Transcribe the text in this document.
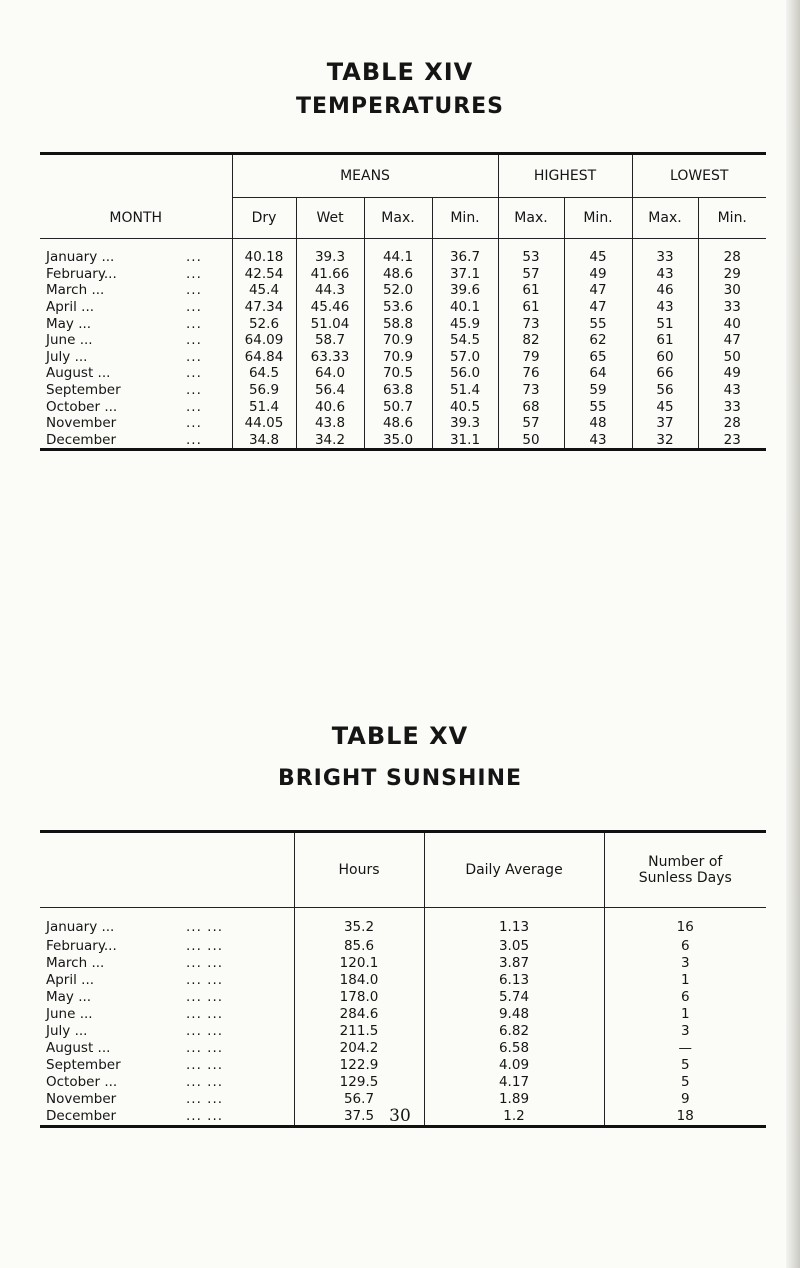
TABLE XIV
TEMPERATURES
	MEANS				HIGHEST		LOWEST	
MONTH	Dry	Wet	Max.	Min.	Max.	Min.	Max.	Min.
January ... ...	40.18	39.3	44.1	36.7	53	45	33	28
February... ...	42.54	41.66	48.6	37.1	57	49	43	29
March ... ...	45.4	44.3	52.0	39.6	61	47	46	30
April ... ...	47.34	45.46	53.6	40.1	61	47	43	33
May ... ...	52.6	51.04	58.8	45.9	73	55	51	40
June ... ...	64.09	58.7	70.9	54.5	82	62	61	47
July ... ...	64.84	63.33	70.9	57.0	79	65	60	50
August ... ...	64.5	64.0	70.5	56.0	76	64	66	49
September ...	56.9	56.4	63.8	51.4	73	59	56	43
October ... ...	51.4	40.6	50.7	40.5	68	55	45	33
November ...	44.05	43.8	48.6	39.3	57	48	37	28
December ...	34.8	34.2	35.0	31.1	50	43	32	23
TABLE XV
BRIGHT SUNSHINE
	Hours	Daily Average	Number of Sunless Days
January ... ... ...	35.2	1.13	16
February... ... ...	85.6	3.05	6
March ... ... ...	120.1	3.87	3
April ... ... ...	184.0	6.13	1
May ... ... ...	178.0	5.74	6
June ... ... ...	284.6	9.48	1
July ... ... ...	211.5	6.82	3
August ... ... ...	204.2	6.58	—
September ... ...	122.9	4.09	5
October ... ... ...	129.5	4.17	5
November ... ...	56.7	1.89	9
December ... ...	37.5	1.2	18
30
